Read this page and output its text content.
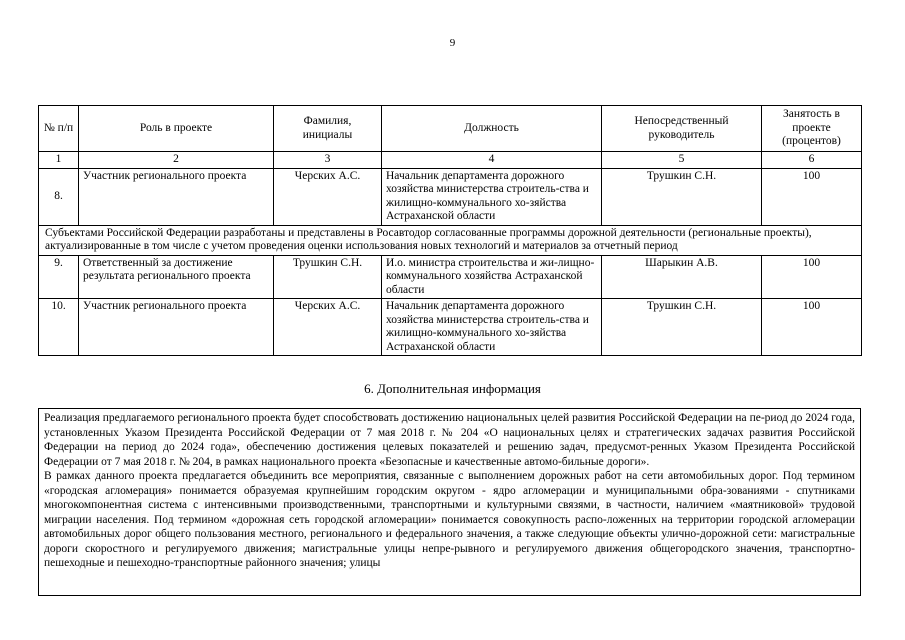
9
№ п/п	Роль в проекте	Фамилия, инициалы	Должность	Непосредственный руководитель	Занятость в проекте (процентов)
1	2	3	4	5	6
8.	Участник регионального проекта	Черских А.С.	Начальник департамента дорожного хозяйства министерства строитель-ства и жилищно-коммунального хо-зяйства Астраханской области	Трушкин С.Н.	100
Субъектами Российской Федерации разработаны и представлены в Росавтодор согласованные программы дорожной деятельности (региональные проекты), актуализированные в том числе с учетом проведения оценки использования новых технологий и материалов за отчетный период					
9.	Ответственный за достижение результата регионального проекта	Трушкин С.Н.	И.о. министра строительства и жи-лищно-коммунального хозяйства Астраханской области	Шарыкин А.В.	100
10.	Участник регионального проекта	Черских А.С.	Начальник департамента дорожного хозяйства министерства строитель-ства и жилищно-коммунального хо-зяйства Астраханской области	Трушкин С.Н.	100
6. Дополнительная информация

Реализация предлагаемого регионального проекта будет способствовать достижению национальных целей развития Российской Федерации на пе-риод до 2024 года, установленных Указом Президента Российской Федерации от 7 мая 2018 г. № 204 «О национальных целях и стратегических задачах развития Российской Федерации на период до 2024 года», обеспечению достижения целевых показателей и решению задач, предусмот-ренных Указом Президента Российской Федерации от 7 мая 2018 г. № 204, в рамках национального проекта «Безопасные и качественные автомо-бильные дороги».

В рамках данного проекта предлагается объединить все мероприятия, связанные с выполнением дорожных работ на сети автомобильных дорог. Под термином «городская агломерация» понимается образуемая крупнейшим городским округом - ядро агломерации и муниципальными обра-зованиями - спутниками многокомпонентная система с интенсивными производственными, транспортными и культурными связями, в частности, наличием «маятниковой» трудовой миграции населения. Под термином «дорожная сеть городской агломерации» понимается совокупность распо-ложенных на территории городской агломерации автомобильных дорог общего пользования местного, регионального и федерального значения, а также следующие объекты улично-дорожной сети: магистральные дороги скоростного и регулируемого движения; магистральные улицы непре-рывного и регулируемого движения общегородского значения, транспортно-пешеходные и пешеходно-транспортные районного значения; улицы
